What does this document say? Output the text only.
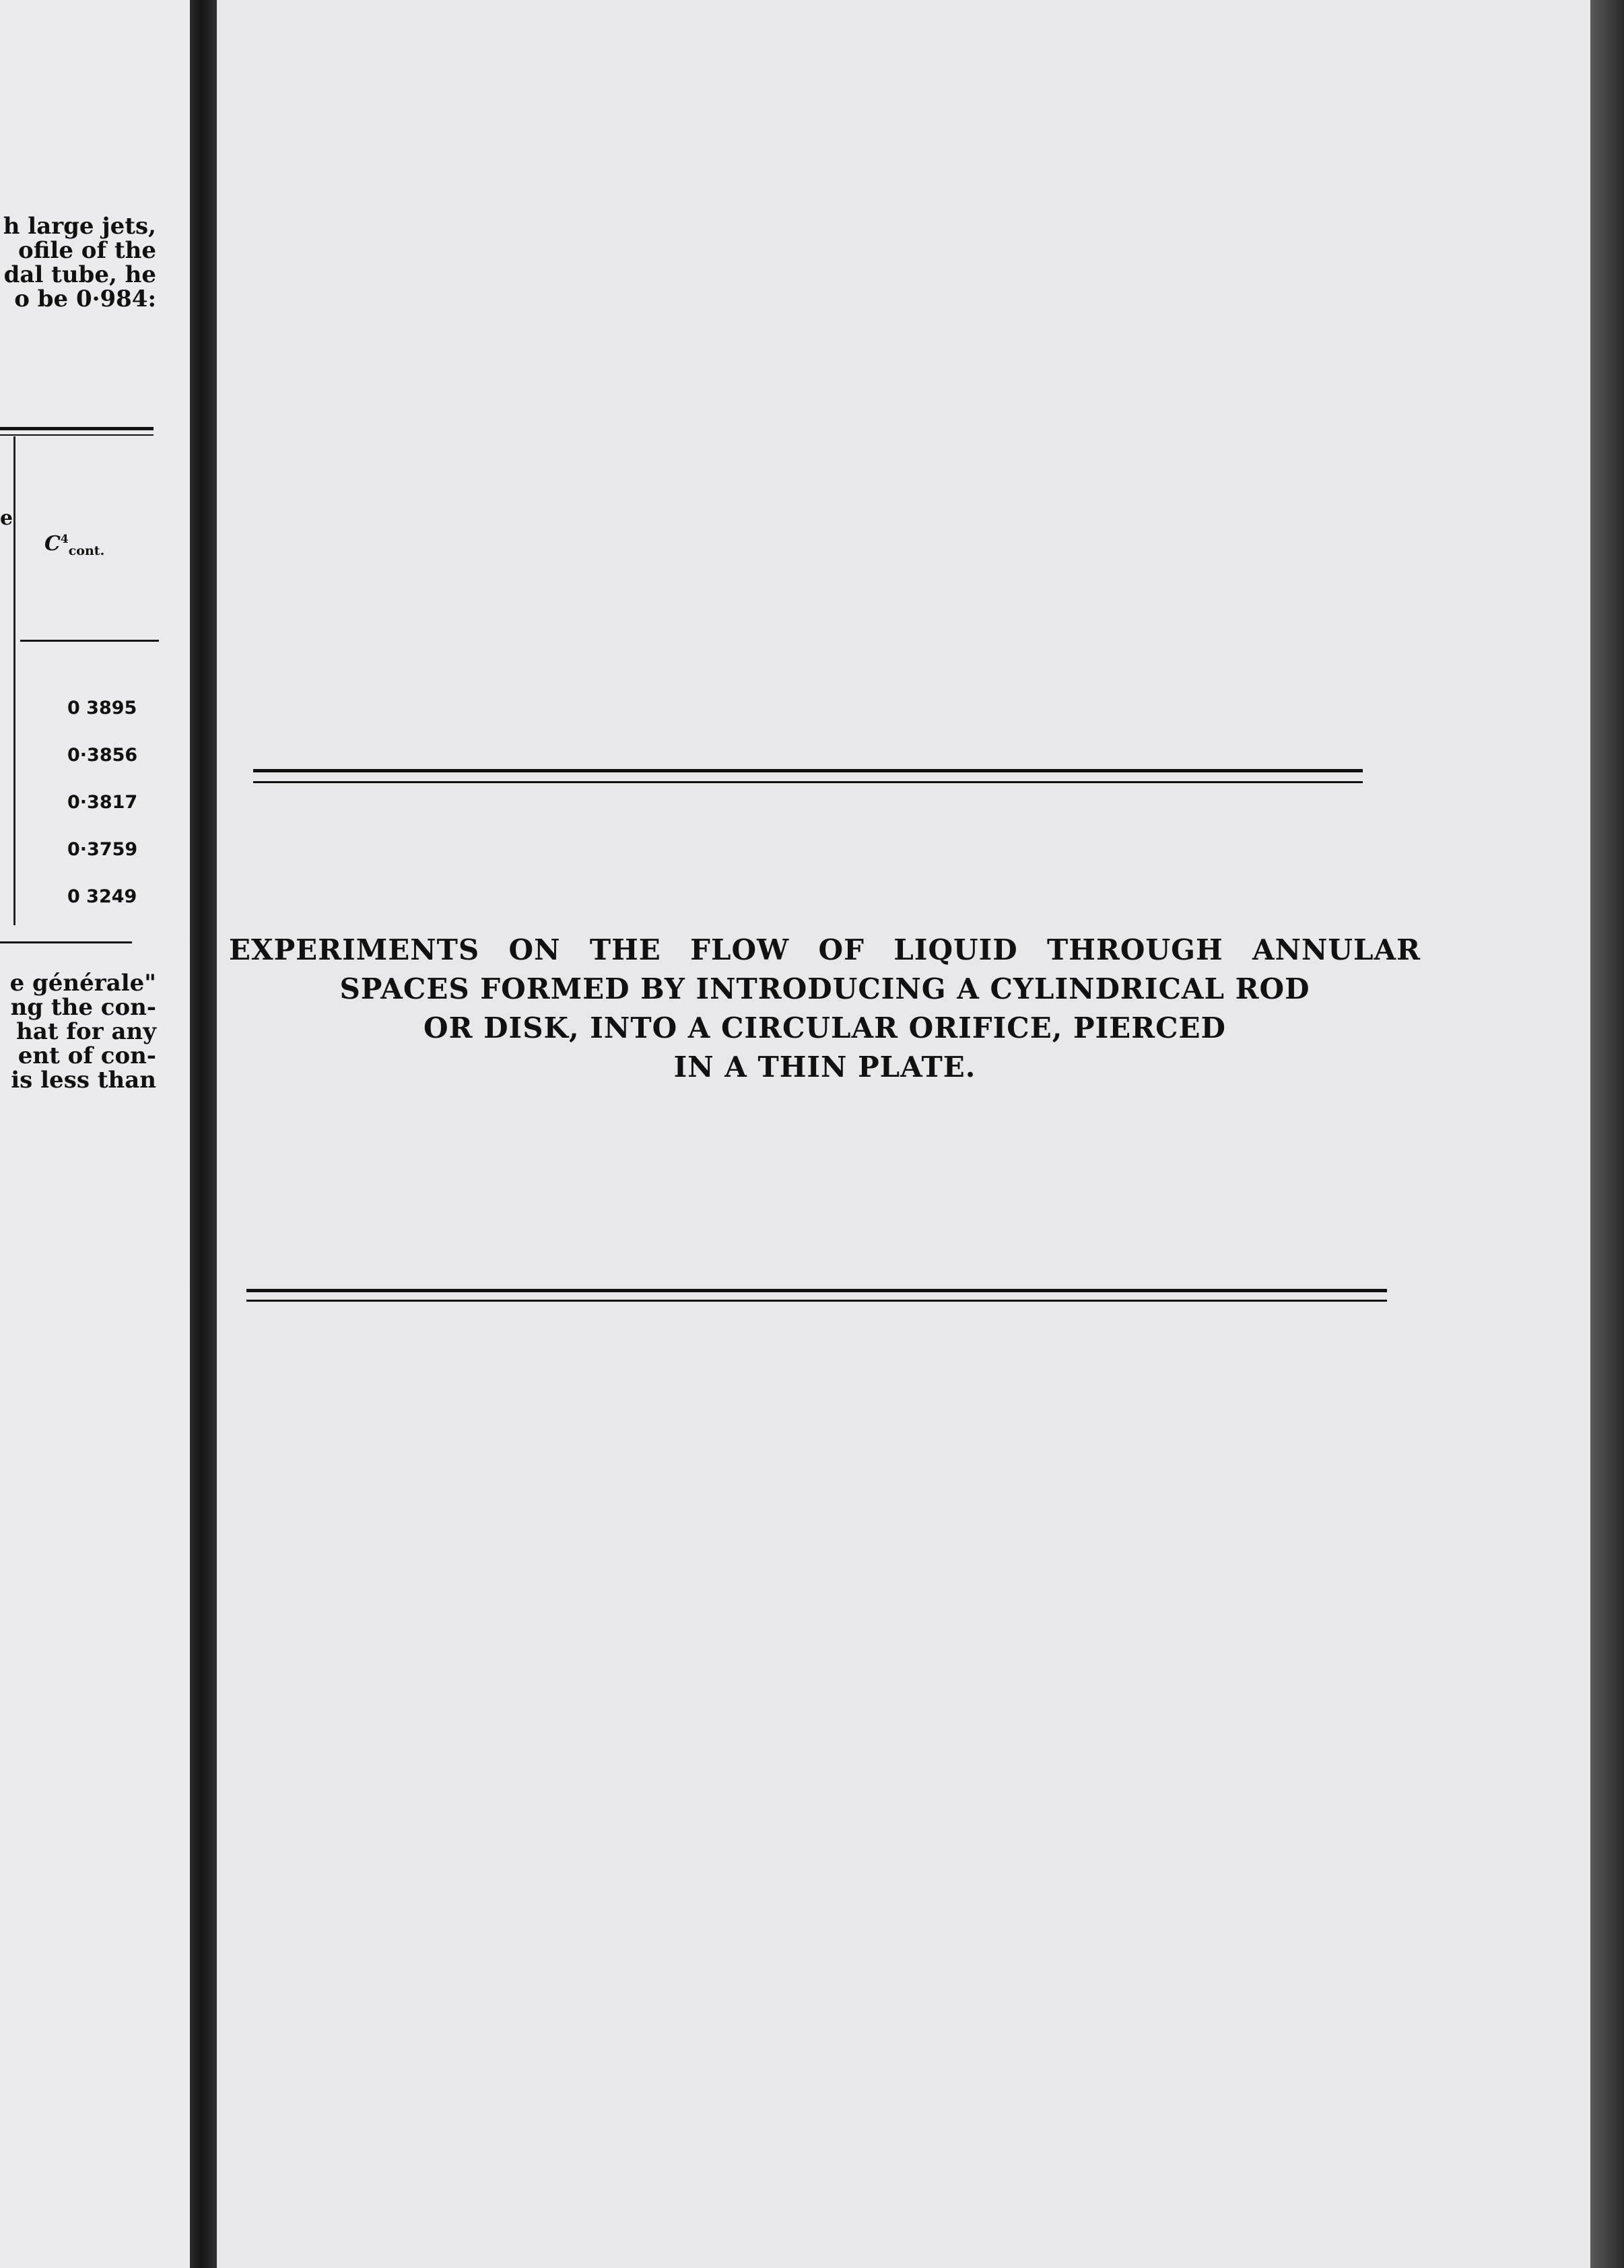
h large jets,
ofile of the
dal tube, he
o be 0·984:
e
$C^4_{cont.}$
0 3895
0·3856
0·3817
0·3759
0 3249
e générale"
ng the con-
hat for any
ent of con-
is less than
EXPERIMENTS ON THE FLOW OF LIQUID THROUGH ANNULAR
SPACES FORMED BY INTRODUCING A CYLINDRICAL ROD
OR DISK, INTO A CIRCULAR ORIFICE, PIERCED
IN A THIN PLATE.
